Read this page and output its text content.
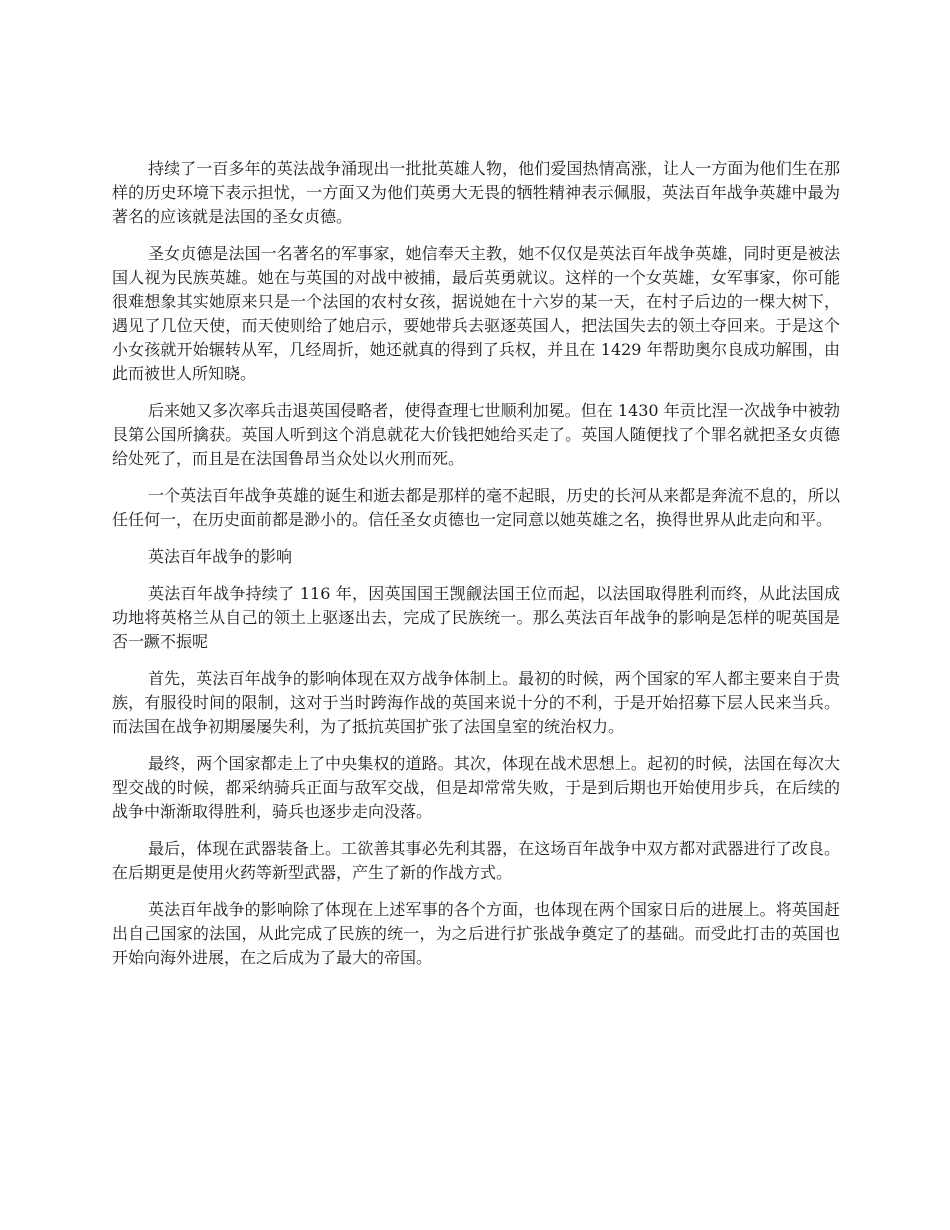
持续了一百多年的英法战争涌现出一批批英雄人物，他们爱国热情高涨，让人一方面为他们生在那样的历史环境下表示担忧，一方面又为他们英勇大无畏的牺牲精神表示佩服，英法百年战争英雄中最为著名的应该就是法国的圣女贞德。

圣女贞德是法国一名著名的军事家，她信奉天主教，她不仅仅是英法百年战争英雄，同时更是被法国人视为民族英雄。她在与英国的对战中被捕，最后英勇就议。这样的一个女英雄，女军事家，你可能很难想象其实她原来只是一个法国的农村女孩，据说她在十六岁的某一天，在村子后边的一棵大树下，遇见了几位天使，而天使则给了她启示，要她带兵去驱逐英国人，把法国失去的领土夺回来。于是这个小女孩就开始辗转从军，几经周折，她还就真的得到了兵权，并且在 1429 年帮助奥尔良成功解围，由此而被世人所知晓。

后来她又多次率兵击退英国侵略者，使得查理七世顺利加冕。但在 1430 年贡比涅一次战争中被勃艮第公国所擒获。英国人听到这个消息就花大价钱把她给买走了。英国人随便找了个罪名就把圣女贞德给处死了，而且是在法国鲁昂当众处以火刑而死。

一个英法百年战争英雄的诞生和逝去都是那样的毫不起眼，历史的长河从来都是奔流不息的，所以任任何一，在历史面前都是渺小的。信任圣女贞德也一定同意以她英雄之名，换得世界从此走向和平。

英法百年战争的影响

英法百年战争持续了 116 年，因英国国王觊觎法国王位而起，以法国取得胜利而终，从此法国成功地将英格兰从自己的领土上驱逐出去，完成了民族统一。那么英法百年战争的影响是怎样的呢英国是否一蹶不振呢

首先，英法百年战争的影响体现在双方战争体制上。最初的时候，两个国家的军人都主要来自于贵族，有服役时间的限制，这对于当时跨海作战的英国来说十分的不利，于是开始招募下层人民来当兵。而法国在战争初期屡屡失利，为了抵抗英国扩张了法国皇室的统治权力。

最终，两个国家都走上了中央集权的道路。其次，体现在战术思想上。起初的时候，法国在每次大型交战的时候，都采纳骑兵正面与敌军交战，但是却常常失败，于是到后期也开始使用步兵，在后续的战争中渐渐取得胜利，骑兵也逐步走向没落。

最后，体现在武器装备上。工欲善其事必先利其器，在这场百年战争中双方都对武器进行了改良。在后期更是使用火药等新型武器，产生了新的作战方式。

英法百年战争的影响除了体现在上述军事的各个方面，也体现在两个国家日后的进展上。将英国赶出自己国家的法国，从此完成了民族的统一，为之后进行扩张战争奠定了的基础。而受此打击的英国也开始向海外进展，在之后成为了最大的帝国。
